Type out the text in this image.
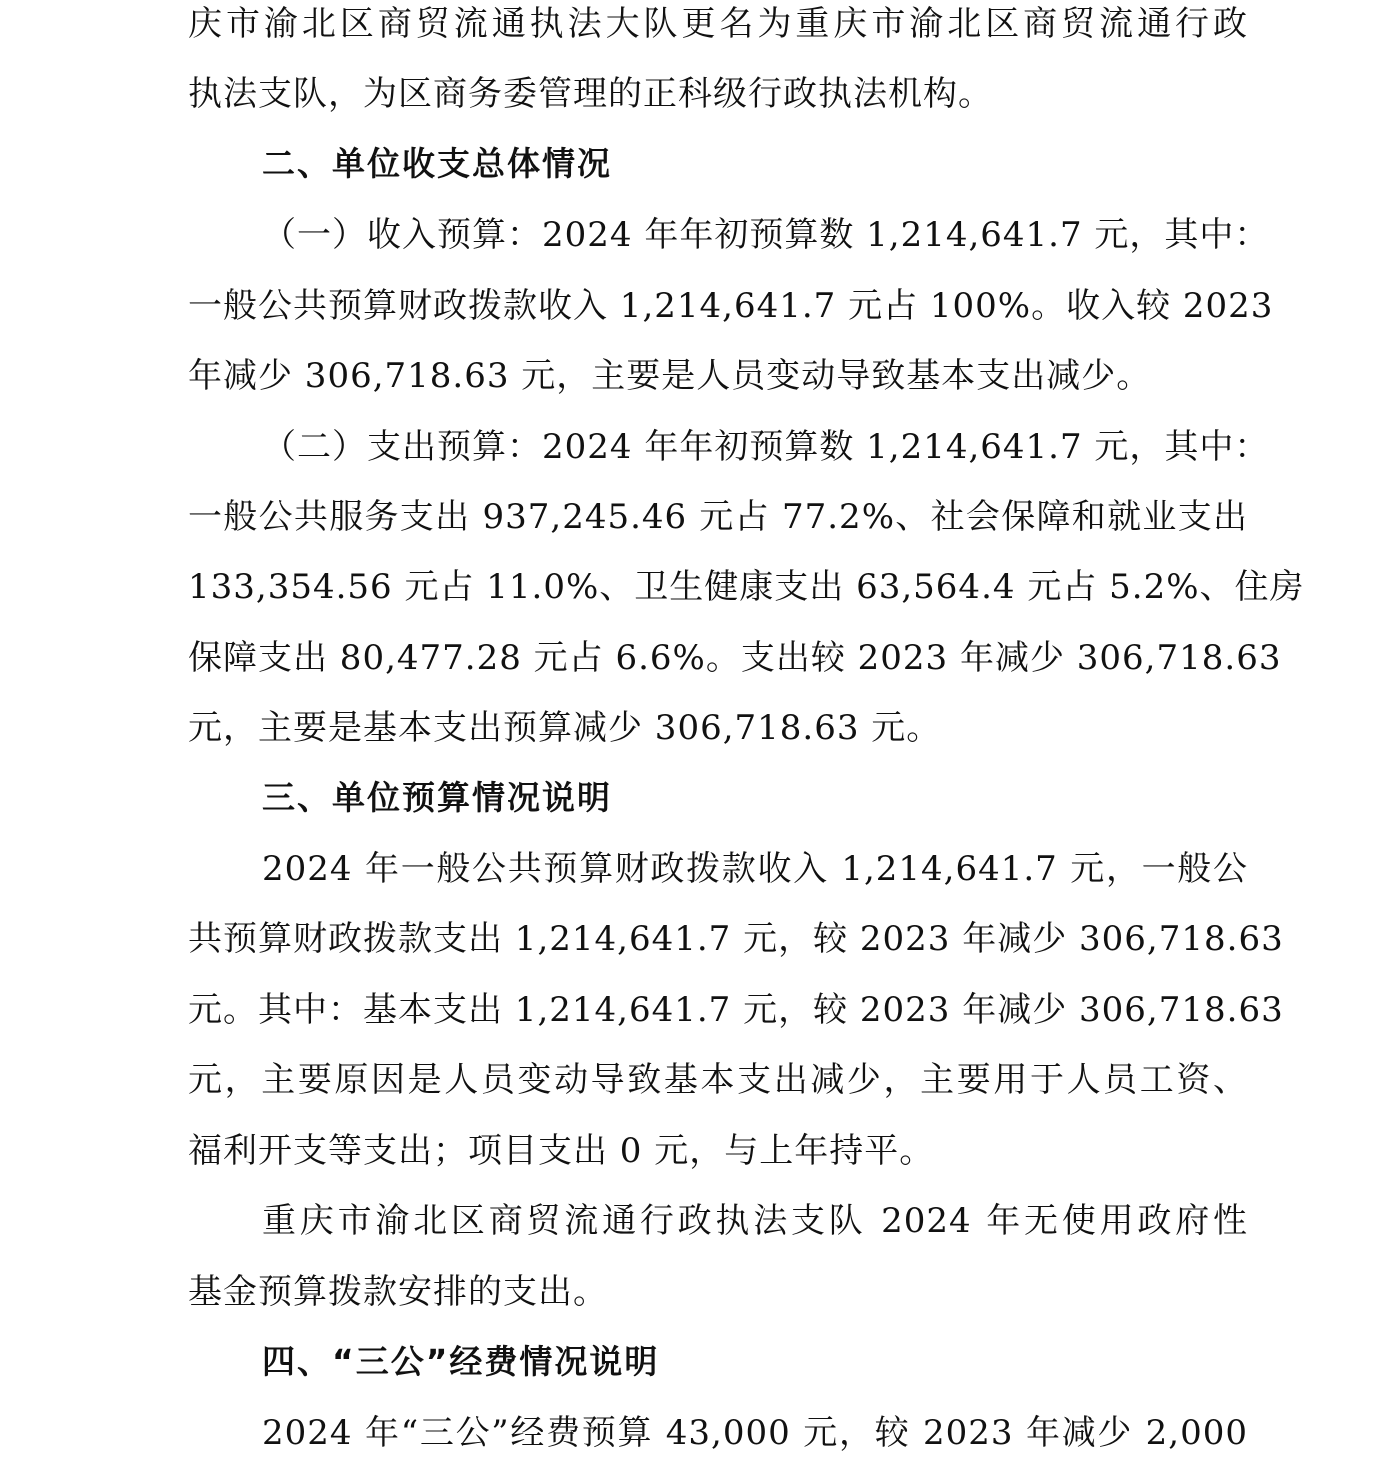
庆市渝北区商贸流通执法大队更名为重庆市渝北区商贸流通行政
执法支队，为区商务委管理的正科级行政执法机构。
二、单位收支总体情况
（一）收入预算：2024 年年初预算数 1,214,641.7 元，其中：
一般公共预算财政拨款收入 1,214,641.7 元占 100%。收入较 2023
年减少 306,718.63 元，主要是人员变动导致基本支出减少。
（二）支出预算：2024 年年初预算数 1,214,641.7 元，其中：
一般公共服务支出 937,245.46 元占 77.2%、社会保障和就业支出
133,354.56 元占 11.0%、卫生健康支出 63,564.4 元占 5.2%、住房
保障支出 80,477.28 元占 6.6%。支出较 2023 年减少 306,718.63
元，主要是基本支出预算减少 306,718.63 元。
三、单位预算情况说明
2024 年一般公共预算财政拨款收入 1,214,641.7 元，一般公
共预算财政拨款支出 1,214,641.7 元，较 2023 年减少 306,718.63
元。其中：基本支出 1,214,641.7 元，较 2023 年减少 306,718.63
元，主要原因是人员变动导致基本支出减少，主要用于人员工资、
福利开支等支出；项目支出 0 元，与上年持平。
重庆市渝北区商贸流通行政执法支队 2024 年无使用政府性
基金预算拨款安排的支出。
四、“三公”经费情况说明
2024 年“三公”经费预算 43,000 元，较 2023 年减少 2,000
